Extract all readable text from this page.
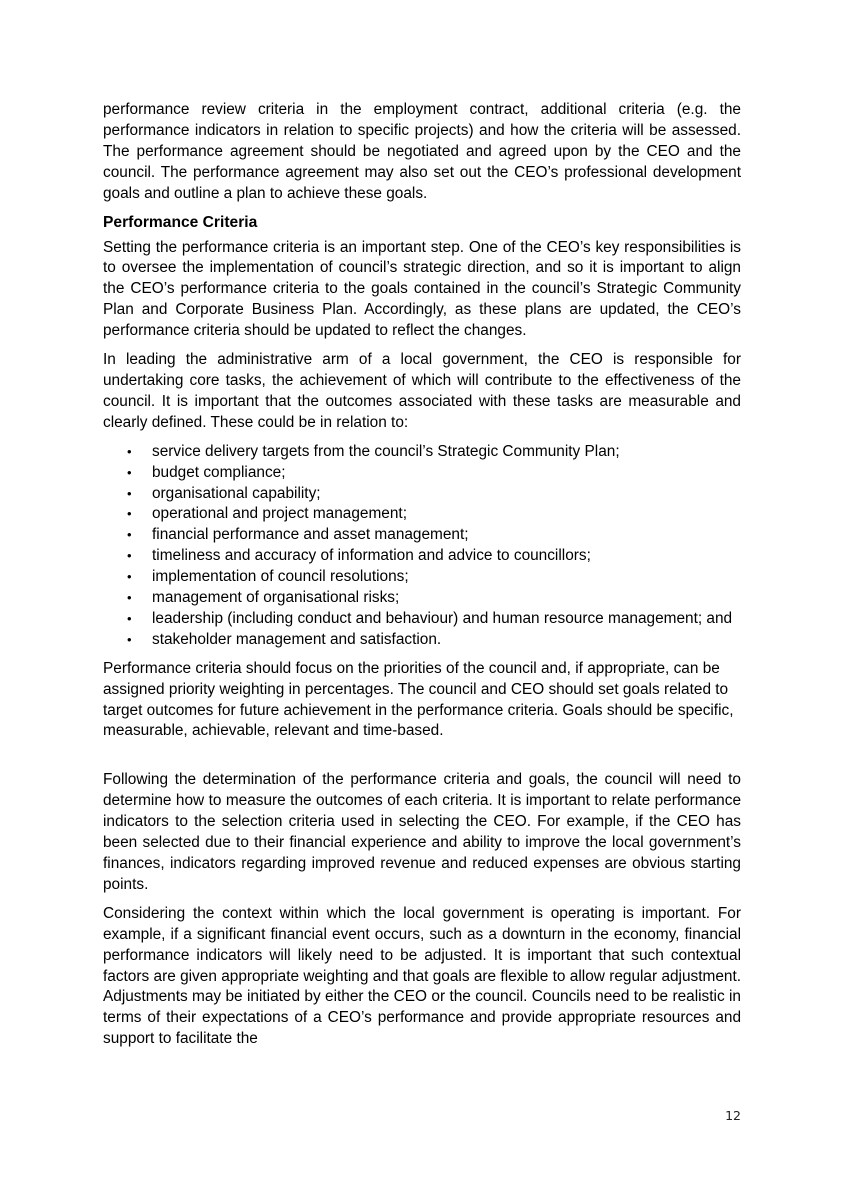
performance review criteria in the employment contract, additional criteria (e.g. the performance indicators in relation to specific projects) and how the criteria will be assessed. The performance agreement should be negotiated and agreed upon by the CEO and the council. The performance agreement may also set out the CEO’s professional development goals and outline a plan to achieve these goals.

Performance Criteria

Setting the performance criteria is an important step. One of the CEO’s key responsibilities is to oversee the implementation of council’s strategic direction, and so it is important to align the CEO’s performance criteria to the goals contained in the council’s Strategic Community Plan and Corporate Business Plan. Accordingly, as these plans are updated, the CEO’s performance criteria should be updated to reflect the changes.

In leading the administrative arm of a local government, the CEO is responsible for undertaking core tasks, the achievement of which will contribute to the effectiveness of the council. It is important that the outcomes associated with these tasks are measurable and clearly defined. These could be in relation to:

• service delivery targets from the council’s Strategic Community Plan;
• budget compliance;
• organisational capability;
• operational and project management;
• financial performance and asset management;
• timeliness and accuracy of information and advice to councillors;
• implementation of council resolutions;
• management of organisational risks;
• leadership (including conduct and behaviour) and human resource management; and
• stakeholder management and satisfaction.

Performance criteria should focus on the priorities of the council and, if appropriate, can be assigned priority weighting in percentages. The council and CEO should set goals related to target outcomes for future achievement in the performance criteria. Goals should be specific, measurable, achievable, relevant and time-based.

Following the determination of the performance criteria and goals, the council will need to determine how to measure the outcomes of each criteria. It is important to relate performance indicators to the selection criteria used in selecting the CEO. For example, if the CEO has been selected due to their financial experience and ability to improve the local government’s finances, indicators regarding improved revenue and reduced expenses are obvious starting points.

Considering the context within which the local government is operating is important. For example, if a significant financial event occurs, such as a downturn in the economy, financial performance indicators will likely need to be adjusted. It is important that such contextual factors are given appropriate weighting and that goals are flexible to allow regular adjustment. Adjustments may be initiated by either the CEO or the council. Councils need to be realistic in terms of their expectations of a CEO’s performance and provide appropriate resources and support to facilitate the

12
